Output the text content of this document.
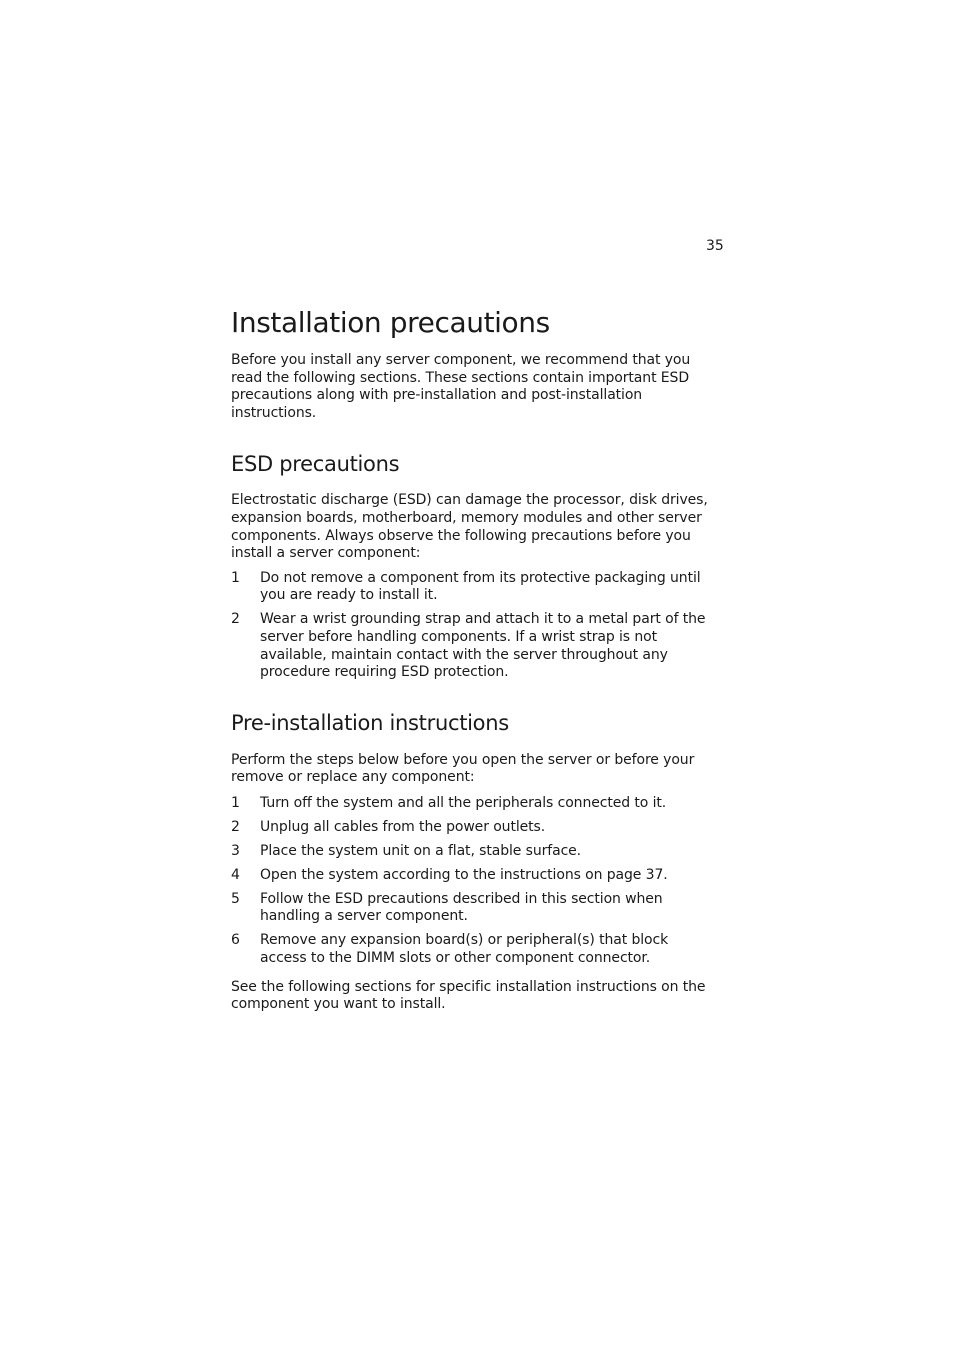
35
Installation precautions

Before you install any server component, we recommend that you read the following sections. These sections contain important ESD precautions along with pre-installation and post-installation instructions.

ESD precautions

Electrostatic discharge (ESD) can damage the processor, disk drives, expansion boards, motherboard, memory modules and other server components. Always observe the following precautions before you install a server component:

1	Do not remove a component from its protective packaging until you are ready to install it.
2	Wear a wrist grounding strap and attach it to a metal part of the server before handling components. If a wrist strap is not available, maintain contact with the server throughout any procedure requiring ESD protection.
Pre-installation instructions

Perform the steps below before you open the server or before your remove or replace any component:

1	Turn off the system and all the peripherals connected to it.
2	Unplug all cables from the power outlets.
3	Place the system unit on a flat, stable surface.
4	Open the system according to the instructions on page 37.
5	Follow the ESD precautions described in this section when handling a server component.
6	Remove any expansion board(s) or peripheral(s) that block access to the DIMM slots or other component connector.

See the following sections for specific installation instructions on the component you want to install.
